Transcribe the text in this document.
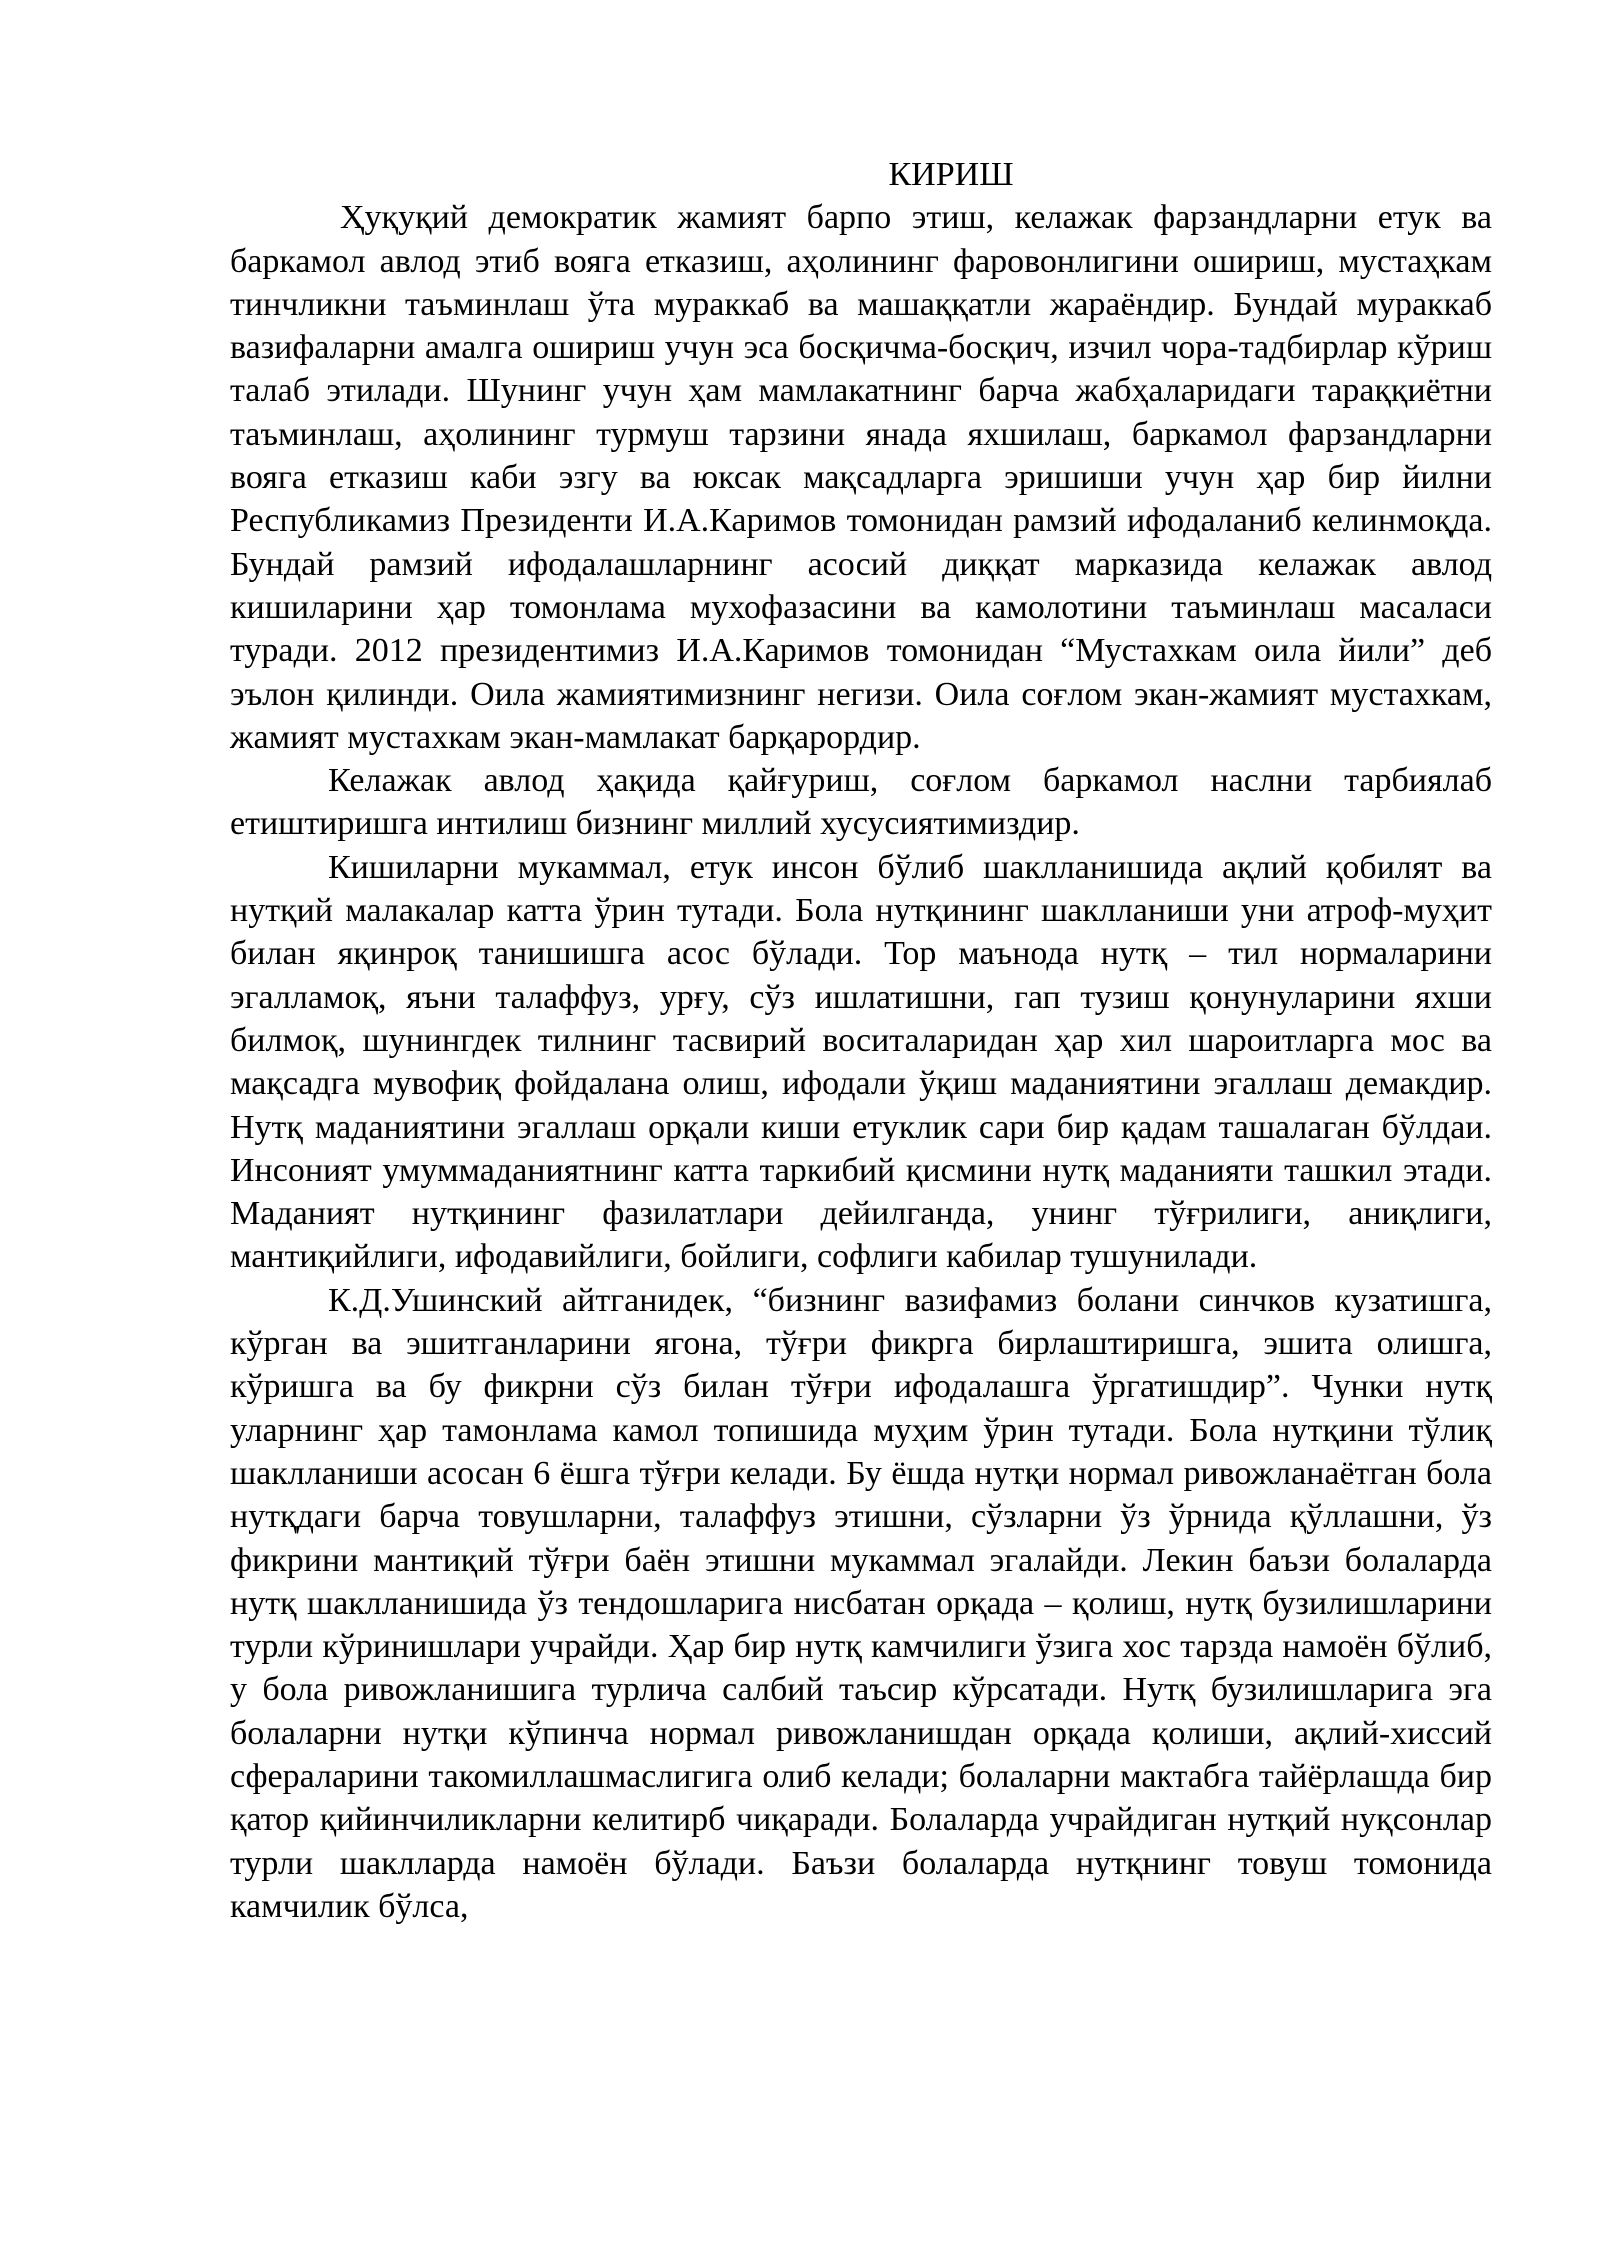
КИРИШ

Ҳуқуқий демократик жамият барпо этиш, келажак фарзандларни етук ва баркамол авлод этиб вояга етказиш, аҳолининг фаровонлигини ошириш, мустаҳкам тинчликни таъминлаш ўта мураккаб ва машаққатли жараёндир. Бундай мураккаб вазифаларни амалга ошириш учун эса босқичма-босқич, изчил чора-тадбирлар кўриш талаб этилади. Шунинг учун ҳам мамлакатнинг барча жабҳаларидаги тараққиётни таъминлаш, аҳолининг турмуш тарзини янада яхшилаш, баркамол фарзандларни вояга етказиш каби эзгу ва юксак мақсадларга эришиши учун ҳар бир йилни Республикамиз Президенти И.А.Каримов томонидан рамзий ифодаланиб келинмоқда. Бундай рамзий ифодалашларнинг асосий диққат марказида келажак авлод кишиларини ҳар томонлама мухофазасини ва камолотини таъминлаш масаласи туради. 2012 президентимиз И.А.Каримов томонидан “Мустахкам оила йили” деб эълон қилинди. Оила жамиятимизнинг негизи. Оила соғлом экан-жамият мустахкам, жамият мустахкам экан-мамлакат барқарордир.

Келажак авлод ҳақида қайғуриш, соғлом баркамол наслни тарбиялаб етиштиришга интилиш бизнинг миллий хусусиятимиздир.

Кишиларни мукаммал, етук инсон бўлиб шаклланишида ақлий қобилят ва нутқий малакалар катта ўрин тутади. Бола нутқининг шаклланиши уни атроф-муҳит билан яқинроқ танишишга асос бўлади. Тор маънода нутқ – тил нормаларини эгалламоқ, яъни талаффуз, урғу, сўз ишлатишни, гап тузиш қонунуларини яхши билмоқ, шунингдек тилнинг тасвирий воситаларидан ҳар хил шароитларга мос ва мақсадга мувофиқ фойдалана олиш, ифодали ўқиш маданиятини эгаллаш демакдир. Нутқ маданиятини эгаллаш орқали киши етуклик сари бир қадам ташалаган бўлдаи. Инсоният умуммаданиятнинг катта таркибий қисмини нутқ маданияти ташкил этади. Маданият нутқининг фазилатлари дейилганда, унинг тўғрилиги, аниқлиги, мантиқийлиги, ифодавийлиги, бойлиги, софлиги кабилар тушунилади.

К.Д.Ушинский айтганидек, “бизнинг вазифамиз болани синчков кузатишга, кўрган ва эшитганларини ягона, тўғри фикрга бирлаштиришга, эшита олишга, кўришга ва бу фикрни сўз билан тўғри ифодалашга ўргатишдир”. Чунки нутқ уларнинг ҳар тамонлама камол топишида муҳим ўрин тутади. Бола нутқини тўлиқ шаклланиши асосан 6 ёшга тўғри келади. Бу ёшда нутқи нормал ривожланаётган бола нутқдаги барча товушларни, талаффуз этишни, сўзларни ўз ўрнида қўллашни, ўз фикрини мантиқий тўғри баён этишни мукаммал эгалайди. Лекин баъзи болаларда нутқ шаклланишида ўз тендошларига нисбатан орқада – қолиш, нутқ бузилишларини турли кўринишлари учрайди. Ҳар бир нутқ камчилиги ўзига хос тарзда намоён бўлиб, у бола ривожланишига турлича салбий таъсир кўрсатади. Нутқ бузилишларига эга болаларни нутқи кўпинча нормал ривожланишдан орқада қолиши, ақлий-хиссий сфераларини такомиллашмаслигига олиб келади; болаларни мактабга тайёрлашда бир қатор қийинчиликларни келитирб чиқаради. Болаларда учрайдиган нутқий нуқсонлар турли шаклларда намоён бўлади. Баъзи болаларда нутқнинг товуш томонида камчилик бўлса,
